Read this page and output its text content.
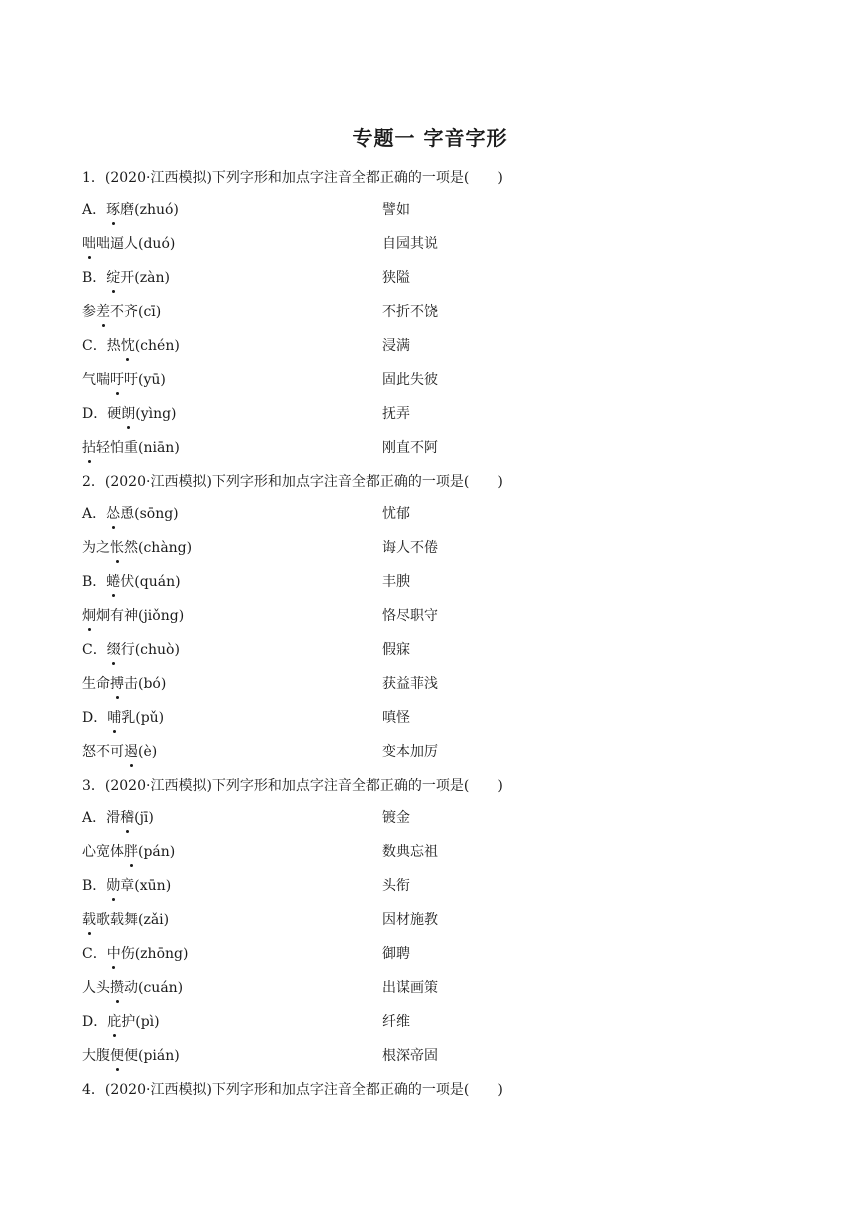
专题一 字音字形
1．(2020·江西模拟)下列字形和加点字注音全都正确的一项是(　　)
A．琢磨(zhuó)	譬如
咄咄逼人(duó)	自园其说
B．绽开(zàn)	狭隘
参差不齐(cī)	不折不饶
C．热忱(chén)	浸满
气喘吁吁(yū)	固此失彼
D．硬朗(yìng)	抚弄
拈轻怕重(niān)	刚直不阿
2．(2020·江西模拟)下列字形和加点字注音全都正确的一项是(　　)
A．怂恿(sōng)	忧郁
为之怅然(chàng)	诲人不倦
B．蜷伏(quán)	丰腴
炯炯有神(jiǒng)	恪尽职守
C．缀行(chuò)	假寐
生命搏击(bó)	获益菲浅
D．哺乳(pǔ)	嗔怪
怒不可遏(è)	变本加厉
3．(2020·江西模拟)下列字形和加点字注音全都正确的一项是(　　)
A．滑稽(jī)	镀金
心宽体胖(pán)	数典忘祖
B．勋章(xūn)	头衔
载歌载舞(zǎi)	因材施教
C．中伤(zhōng)	御聘
人头攒动(cuán)	出谋画策
D．庇护(pì)	纤维
大腹便便(pián)	根深帝固
4．(2020·江西模拟)下列字形和加点字注音全都正确的一项是(　　)
